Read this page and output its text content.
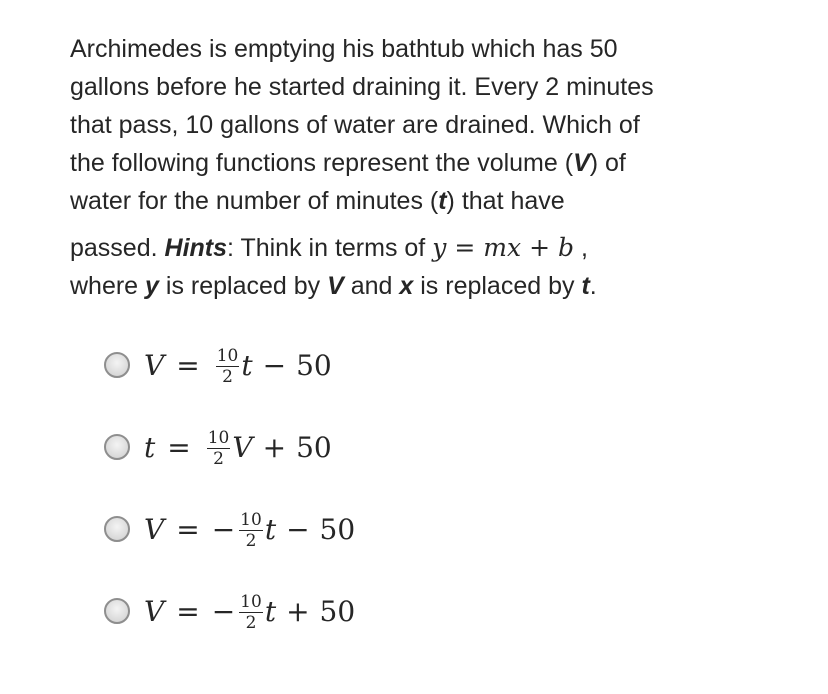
Archimedes is emptying his bathtub which has 50
gallons before he started draining it. Every 2 minutes
that pass, 10 gallons of water are drained. Which of
the following functions represent the volume (V) of
water for the number of minutes (t) that have
passed. Hints: Think in terms of y = mx + b ,
where y is replaced by V and x is replaced by t.
$V = \frac{10}{2}$ t − 50
$t = \frac{10}{2}$ V + 50
V = − $\frac{10}{2}$ t − 50
V = − $\frac{10}{2}$ t + 50
